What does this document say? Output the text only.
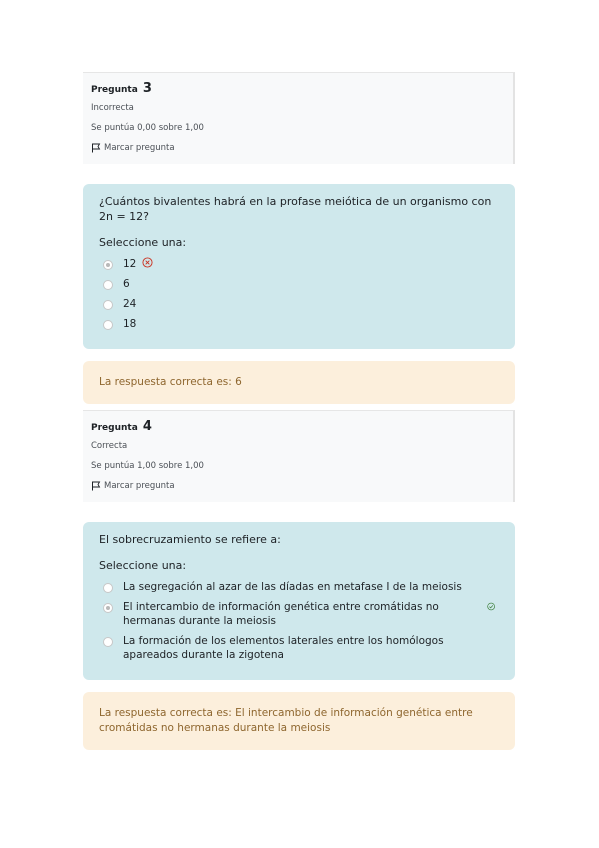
Pregunta 3
Incorrecta
Se puntúa 0,00 sobre 1,00
Marcar pregunta
¿Cuántos bivalentes habrá en la profase meiótica de un organismo con 2n = 12?
Seleccione una:
12
6
24
18
La respuesta correcta es: 6
Pregunta 4
Correcta
Se puntúa 1,00 sobre 1,00
Marcar pregunta
El sobrecruzamiento se refiere a:
Seleccione una:
La segregación al azar de las díadas en metafase I de la meiosis
El intercambio de información genética entre cromátidas no hermanas durante la meiosis
La formación de los elementos laterales entre los homólogos apareados durante la zigotena
La respuesta correcta es: El intercambio de información genética entre cromátidas no hermanas durante la meiosis
